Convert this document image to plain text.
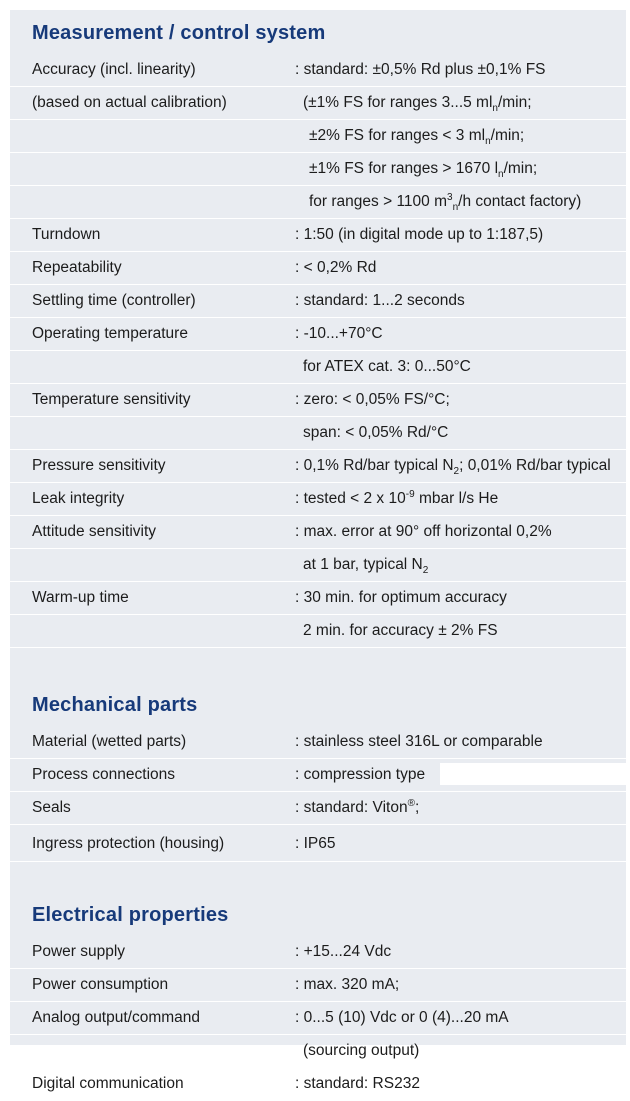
Measurement / control system
Accuracy (incl. linearity)	: standard: ±0,5% Rd plus ±0,1% FS
(based on actual calibration)	(±1% FS for ranges 3...5 $ml_n/\min$;
±2% FS for ranges < 3 $ml_n/\min$;
±1% FS for ranges > 1670 $l_n/\min$;
for ranges > 1100 $m^3_n/h$ contact factory)
Turndown	: 1:50 (in digital mode up to 1:187,5)
Repeatability	: < 0,2% Rd
Settling time (controller)	: standard: 1...2 seconds
Operating temperature	: -10...+70°C
for ATEX cat. 3: 0...50°C
Temperature sensitivity	: zero: < 0,05% FS/°C;
span: < 0,05% Rd/°C
Pressure sensitivity	: 0,1% Rd/bar typical $N_2$; 0,01% Rd/bar typical
Leak integrity	: tested < 2 x $10^{-9}$ mbar l/s He
Attitude sensitivity	: max. error at 90° off horizontal 0,2%
at 1 bar, typical $N_2$
Warm-up time	: 30 min. for optimum accuracy
2 min. for accuracy ± 2% FS
Mechanical parts
Material (wetted parts)	: stainless steel 316L or comparable
Process connections	: compression type
Seals	: standard: Viton®;
Ingress protection (housing)	: IP65
Electrical properties
Power supply	: +15...24 Vdc
Power consumption	: max. 320 mA;
Analog output/command	: 0...5 (10) Vdc or 0 (4)...20 mA
(sourcing output)
Digital communication	: standard: RS232
